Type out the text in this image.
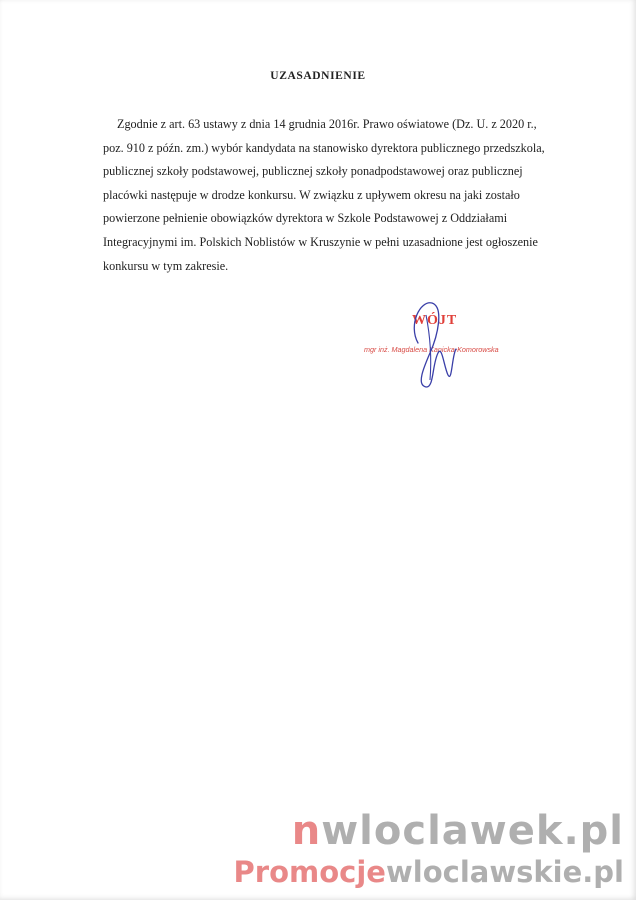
UZASADNIENIE
Zgodnie z art. 63 ustawy z dnia 14 grudnia 2016r. Prawo oświatowe (Dz. U. z 2020 r.,
poz. 910 z późn. zm.) wybór kandydata na stanowisko dyrektora publicznego przedszkola,
publicznej szkoły podstawowej, publicznej szkoły ponadpodstawowej oraz publicznej
placówki następuje w drodze konkursu. W związku z upływem okresu na jaki zostało
powierzone pełnienie obowiązków dyrektora w Szkole Podstawowej z Oddziałami
Integracyjnymi im. Polskich Noblistów w Kruszynie w pełni uzasadnione jest ogłoszenie
konkursu w tym zakresie.
WÓJT
mgr inż. Magdalena Kanicka-Komorowska
nwloclawek.pl
Promocjewloclawskie.pl
